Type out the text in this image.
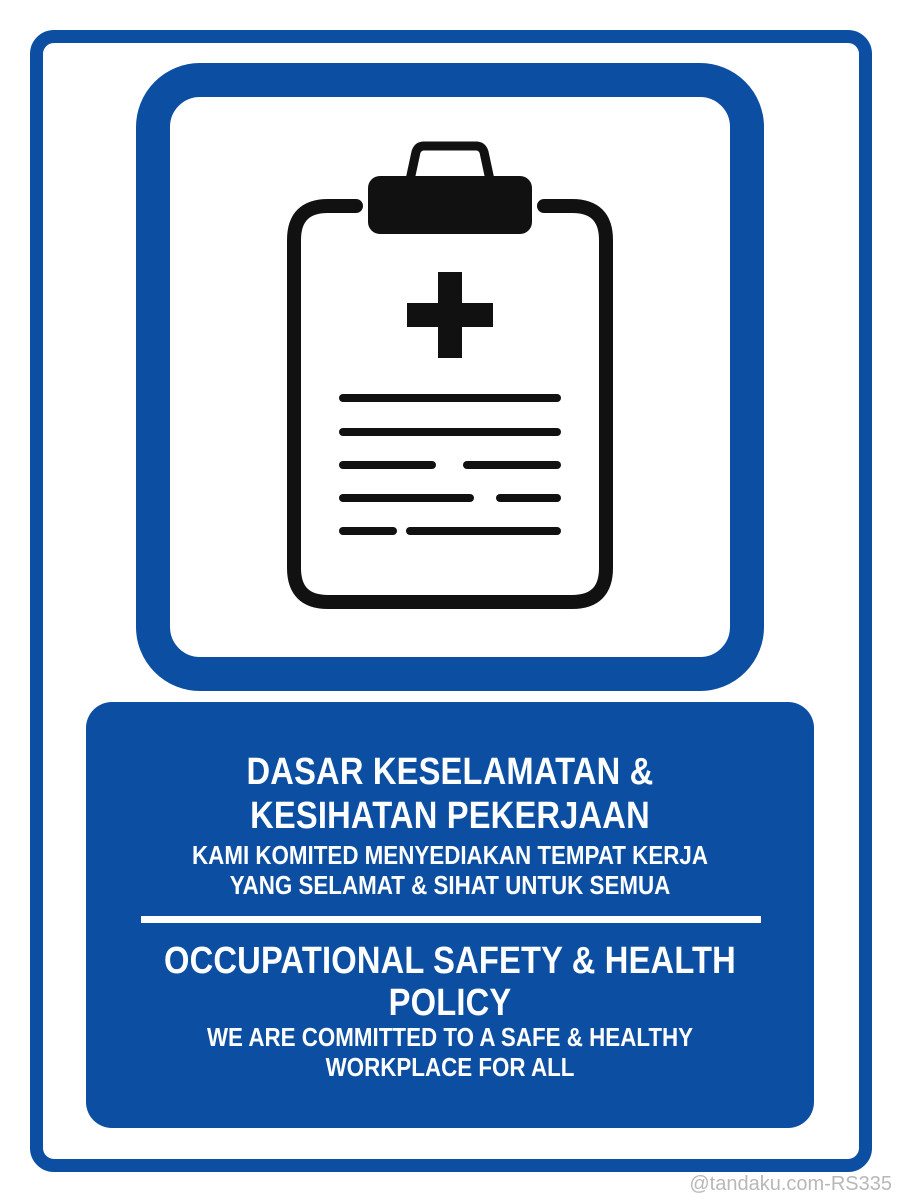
DASAR KESELAMATAN &
KESIHATAN PEKERJAAN
KAMI KOMITED MENYEDIAKAN TEMPAT KERJA
YANG SELAMAT & SIHAT UNTUK SEMUA
OCCUPATIONAL SAFETY & HEALTH
POLICY
WE ARE COMMITTED TO A SAFE & HEALTHY
WORKPLACE FOR ALL
@tandaku.com-RS335
